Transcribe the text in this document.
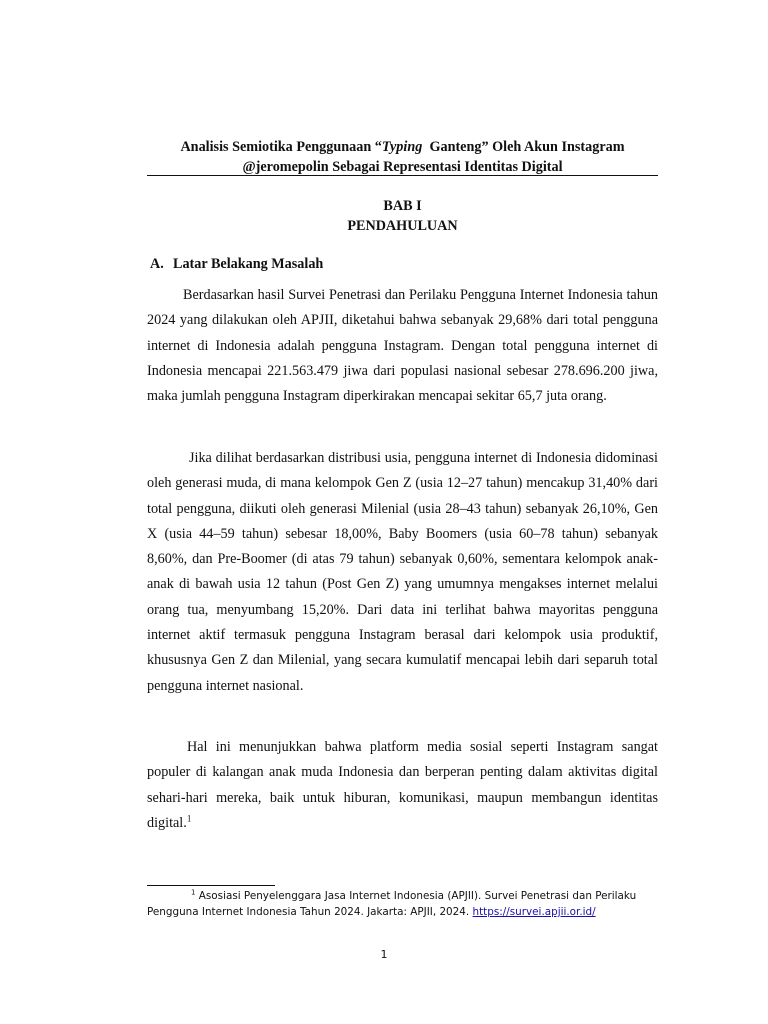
Analisis Semiotika Penggunaan “Typing  Ganteng” Oleh Akun Instagram
@jeromepolin Sebagai Representasi Identitas Digital
BAB I
PENDAHULUAN
A. Latar Belakang Masalah

Berdasarkan hasil Survei Penetrasi dan Perilaku Pengguna Internet Indonesia tahun 2024 yang dilakukan oleh APJII, diketahui bahwa sebanyak 29,68% dari total pengguna internet di Indonesia adalah pengguna Instagram. Dengan total pengguna internet di Indonesia mencapai 221.563.479 jiwa dari populasi nasional sebesar 278.696.200 jiwa, maka jumlah pengguna Instagram diperkirakan mencapai sekitar 65,7 juta orang.

Jika dilihat berdasarkan distribusi usia, pengguna internet di Indonesia didominasi oleh generasi muda, di mana kelompok Gen Z (usia 12–27 tahun) mencakup 31,40% dari total pengguna, diikuti oleh generasi Milenial (usia 28–43 tahun) sebanyak 26,10%, Gen X (usia 44–59 tahun) sebesar 18,00%, Baby Boomers (usia 60–78 tahun) sebanyak 8,60%, dan Pre-Boomer (di atas 79 tahun) sebanyak 0,60%, sementara kelompok anak-anak di bawah usia 12 tahun (Post Gen Z) yang umumnya mengakses internet melalui orang tua, menyumbang 15,20%. Dari data ini terlihat bahwa mayoritas pengguna internet aktif termasuk pengguna Instagram berasal dari kelompok usia produktif, khususnya Gen Z dan Milenial, yang secara kumulatif mencapai lebih dari separuh total pengguna internet nasional.

Hal ini menunjukkan bahwa platform media sosial seperti Instagram sangat populer di kalangan anak muda Indonesia dan berperan penting dalam aktivitas digital sehari-hari mereka, baik untuk hiburan, komunikasi, maupun membangun identitas digital.$^1$

$^1$ Asosiasi Penyelenggara Jasa Internet Indonesia (APJII). Survei Penetrasi dan Perilaku Pengguna Internet Indonesia Tahun 2024. Jakarta: APJII, 2024. https://survei.apjii.or.id/

1
